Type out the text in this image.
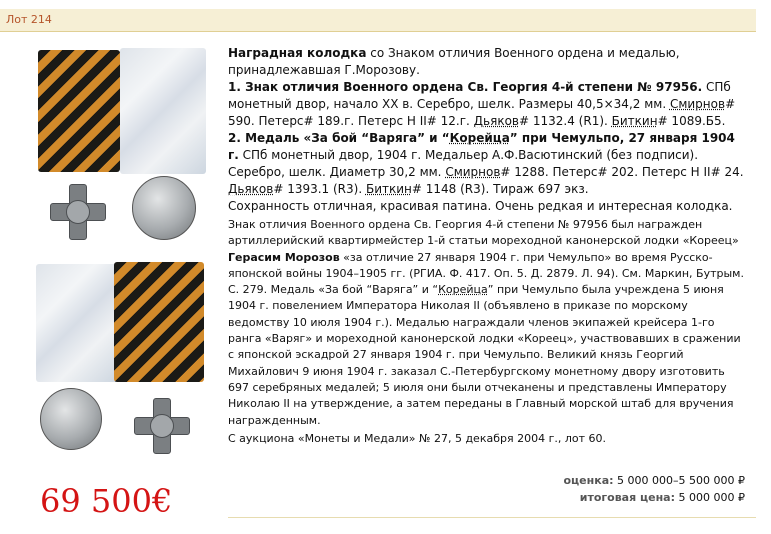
Лот 214

Наградная колодка со Знаком отличия Военного ордена и медалью, принадлежавшая Г.Морозову.

1. Знак отличия Военного ордена Св. Георгия 4-й степени № 97956. СПб монетный двор, начало XX в. Серебро, шелк. Размеры 40,5×34,2 мм. Смирнов# 590. Петерс# 189.г. Петерс Н II# 12.г. Дьяков# 1132.4 (R1). Биткин# 1089.Б5.

2. Медаль «За бой “Варяга” и “Корейца” при Чемульпо, 27 января 1904 г. СПб монетный двор, 1904 г. Медальер А.Ф.Васютинский (без подписи). Серебро, шелк. Диаметр 30,2 мм. Смирнов# 1288. Петерс# 202. Петерс Н II# 24. Дьяков# 1393.1 (R3). Биткин# 1148 (R3). Тираж 697 экз.

Сохранность отличная, красивая патина. Очень редкая и интересная колодка.

Знак отличия Военного ордена Св. Георгия 4-й степени № 97956 был награжден артиллерийский квартирмейстер 1-й статьи мореходной канонерской лодки «Кореец» Герасим Морозов «за отличие 27 января 1904 г. при Чемульпо» во время Русско-японской войны 1904–1905 гг. (РГИА. Ф. 417. Оп. 5. Д. 2879. Л. 94). См. Маркин, Бутрым. С. 279. Медаль «За бой “Варяга” и “Корейца” при Чемульпо была учреждена 5 июня 1904 г. повелением Императора Николая II (объявлено в приказе по морскому ведомству 10 июля 1904 г.). Медалью награждали членов экипажей крейсера 1-го ранга «Варяг» и мореходной канонерской лодки «Кореец», участвовавших в сражении с японской эскадрой 27 января 1904 г. при Чемульпо. Великий князь Георгий Михайлович 9 июня 1904 г. заказал С.-Петербургскому монетному двору изготовить 697 серебряных медалей; 5 июля они были отчеканены и представлены Императору Николаю II на утверждение, а затем переданы в Главный морской штаб для вручения награжденным.

С аукциона «Монеты и Медали» № 27, 5 декабря 2004 г., лот 60.

оценка: 5 000 000–5 500 000 ₽
итоговая цена: 5 000 000 ₽
69 500€
